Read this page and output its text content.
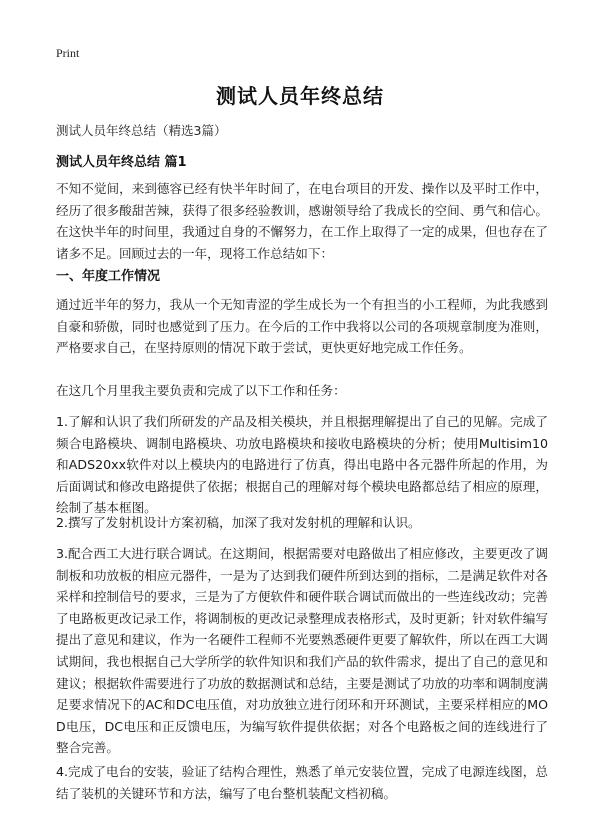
Print
测试人员年终总结
测试人员年终总结（精选3篇）
测试人员年终总结 篇1
不知不觉间，来到德容已经有快半年时间了，在电台项目的开发、操作以及平时工作中，经历了很多酸甜苦辣，获得了很多经验教训，感谢领导给了我成长的空间、勇气和信心。在这快半年的时间里，我通过自身的不懈努力，在工作上取得了一定的成果，但也存在了诸多不足。回顾过去的一年，现将工作总结如下：
一、年度工作情况
通过近半年的努力，我从一个无知青涩的学生成长为一个有担当的小工程师，为此我感到自豪和骄傲，同时也感觉到了压力。在今后的工作中我将以公司的各项规章制度为准则，严格要求自己，在坚持原则的情况下敢于尝试，更快更好地完成工作任务。
在这几个月里我主要负责和完成了以下工作和任务：
1.了解和认识了我们所研发的产品及相关模块，并且根据理解提出了自己的见解。完成了频合电路模块、调制电路模块、功放电路模块和接收电路模块的分析；使用Multisim10 和ADS20xx软件对以上模块内的电路进行了仿真，得出电路中各元器件所起的作用，为后面调试和修改电路提供了依据；根据自己的理解对每个模块电路都总结了相应的原理，绘制了基本框图。
2.撰写了发射机设计方案初稿，加深了我对发射机的理解和认识。
3.配合西工大进行联合调试。在这期间，根据需要对电路做出了相应修改，主要更改了调制板和功放板的相应元器件，一是为了达到我们硬件所到达到的指标，二是满足软件对各采样和控制信号的要求，三是为了方便软件和硬件联合调试而做出的一些连线改动；完善了电路板更改记录工作，将调制板的更改记录整理成表格形式，及时更新；针对软件编写提出了意见和建议，作为一名硬件工程师不光要熟悉硬件更要了解软件，所以在西工大调试期间，我也根据自己大学所学的软件知识和我们产品的软件需求，提出了自己的意见和建议；根据软件需要进行了功放的数据测试和总结，主要是测试了功放的功率和调制度满足要求情况下的AC和DC电压值，对功放独立进行闭环和开环测试，主要采样相应的MOD电压，DC电压和正反馈电压，为编写软件提供依据；对各个电路板之间的连线进行了整合完善。
4.完成了电台的安装，验证了结构合理性，熟悉了单元安装位置，完成了电源连线图，总结了装机的关键环节和方法，编写了电台整机装配文档初稿。
